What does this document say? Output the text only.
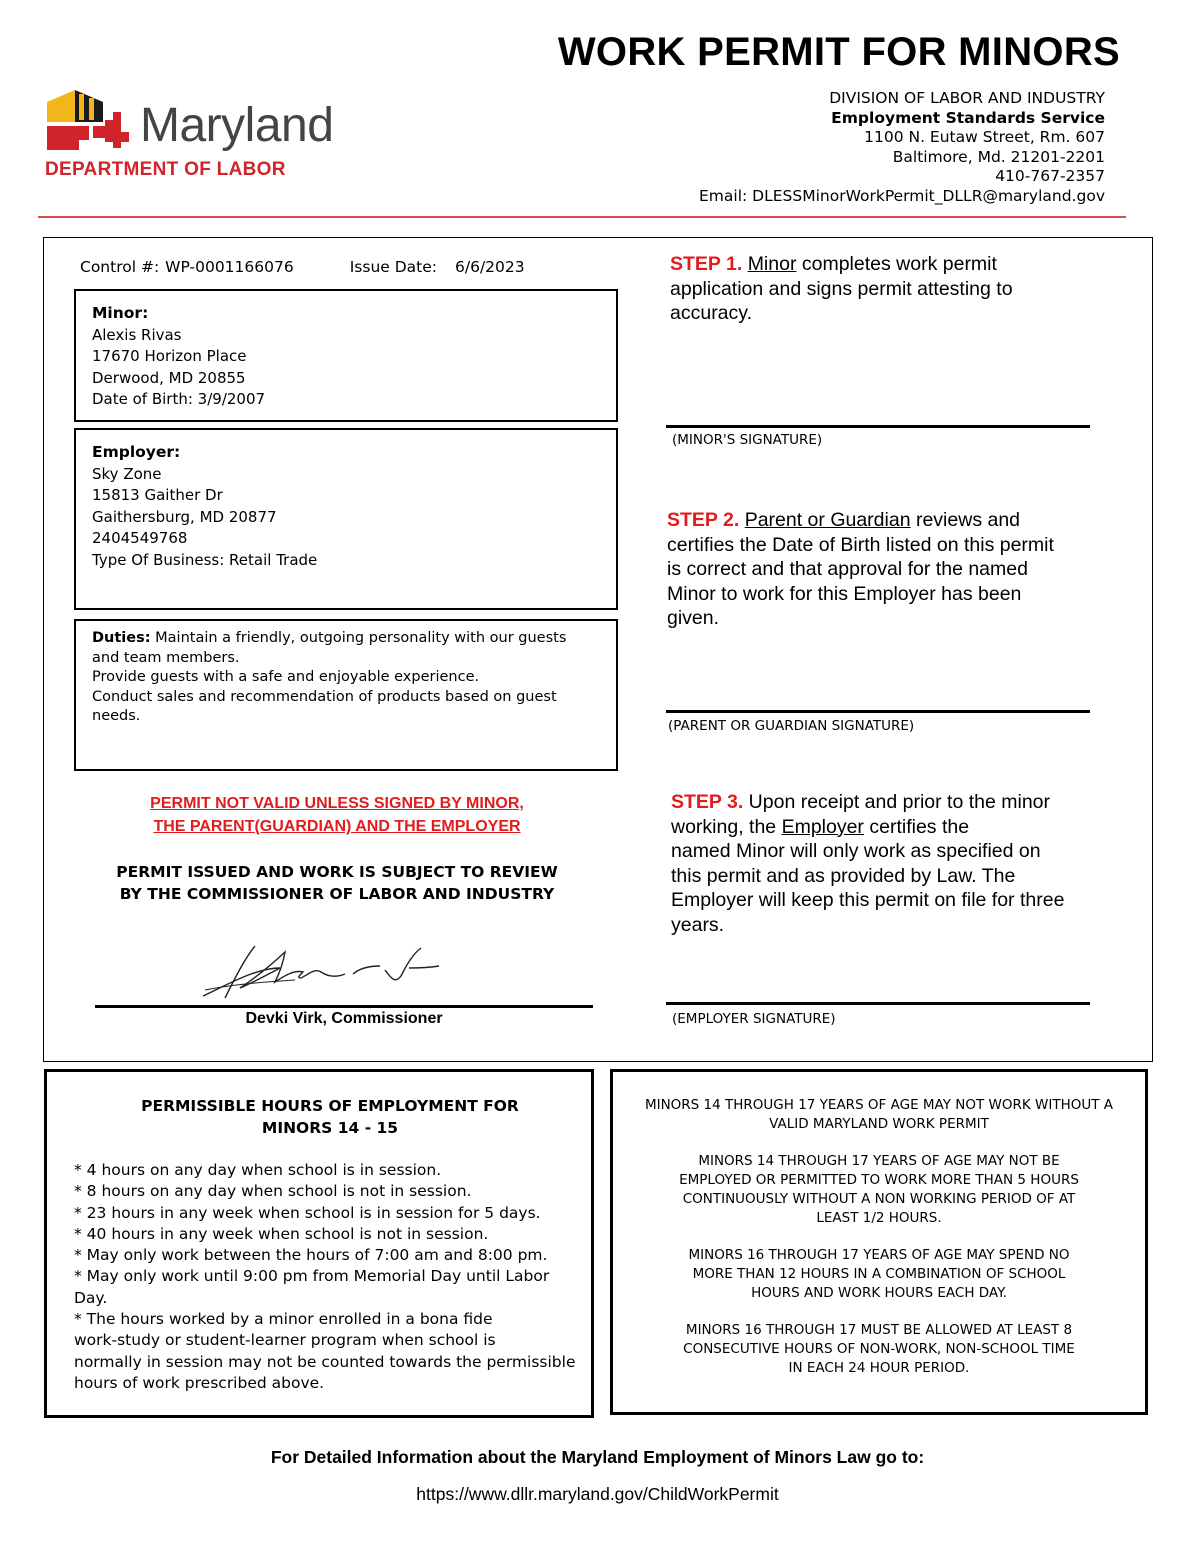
WORK PERMIT FOR MINORS
Maryland
DEPARTMENT OF LABOR
DIVISION OF LABOR AND INDUSTRY
Employment Standards Service
1100 N. Eutaw Street, Rm. 607
Baltimore, Md. 21201-2201
410-767-2357
Email: DLESSMinorWorkPermit_DLLR@maryland.gov
Control #: WP-0001166076	Issue Date: 6/6/2023
Minor:
Alexis Rivas
17670 Horizon Place
Derwood, MD 20855
Date of Birth: 3/9/2007
Employer:
Sky Zone
15813 Gaither Dr
Gaithersburg, MD 20877
2404549768
Type Of Business: Retail Trade
Duties: Maintain a friendly, outgoing personality with our guests
and team members.
Provide guests with a safe and enjoyable experience.
Conduct sales and recommendation of products based on guest
needs.
PERMIT NOT VALID UNLESS SIGNED BY MINOR,
THE PARENT(GUARDIAN) AND THE EMPLOYER
PERMIT ISSUED AND WORK IS SUBJECT TO REVIEW
BY THE COMMISSIONER OF LABOR AND INDUSTRY
Devki Virk, Commissioner
STEP 1. Minor completes work permit
application and signs permit attesting to
accuracy.
(MINOR'S SIGNATURE)
STEP 2. Parent or Guardian reviews and
certifies the Date of Birth listed on this permit
is correct and that approval for the named
Minor to work for this Employer has been
given.
(PARENT OR GUARDIAN SIGNATURE)
STEP 3. Upon receipt and prior to the minor
working, the Employer certifies the
named Minor will only work as specified on
this permit and as provided by Law. The
Employer will keep this permit on file for three
years.
(EMPLOYER SIGNATURE)
PERMISSIBLE HOURS OF EMPLOYMENT FOR
MINORS 14 - 15
* 4 hours on any day when school is in session.
* 8 hours on any day when school is not in session.
* 23 hours in any week when school is in session for 5 days.
* 40 hours in any week when school is not in session.
* May only work between the hours of 7:00 am and 8:00 pm.
* May only work until 9:00 pm from Memorial Day until Labor
Day.
* The hours worked by a minor enrolled in a bona fide
work-study or student-learner program when school is
normally in session may not be counted towards the permissible
hours of work prescribed above.

MINORS 14 THROUGH 17 YEARS OF AGE MAY NOT WORK WITHOUT A
VALID MARYLAND WORK PERMIT

MINORS 14 THROUGH 17 YEARS OF AGE MAY NOT BE
EMPLOYED OR PERMITTED TO WORK MORE THAN 5 HOURS
CONTINUOUSLY WITHOUT A NON WORKING PERIOD OF AT
LEAST 1/2 HOURS.

MINORS 16 THROUGH 17 YEARS OF AGE MAY SPEND NO
MORE THAN 12 HOURS IN A COMBINATION OF SCHOOL
HOURS AND WORK HOURS EACH DAY.

MINORS 16 THROUGH 17 MUST BE ALLOWED AT LEAST 8
CONSECUTIVE HOURS OF NON-WORK, NON-SCHOOL TIME
IN EACH 24 HOUR PERIOD.

For Detailed Information about the Maryland Employment of Minors Law go to:
https://www.dllr.maryland.gov/ChildWorkPermit
